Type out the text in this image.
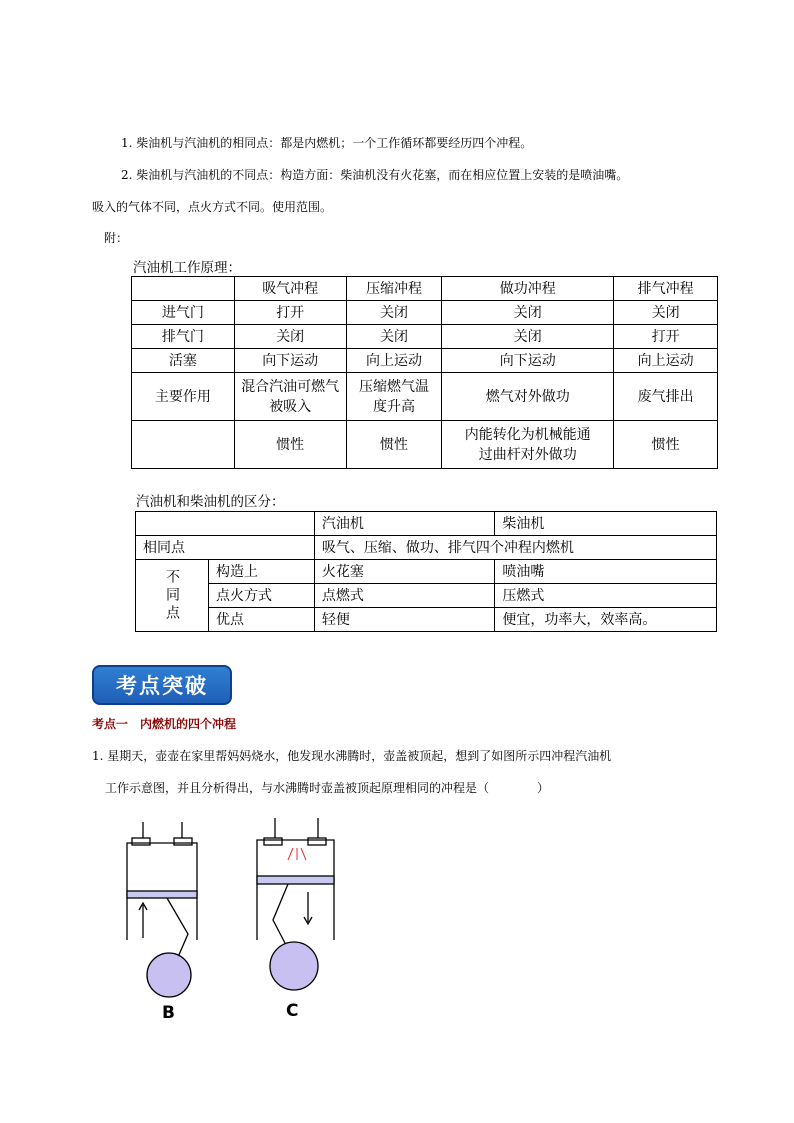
1. 柴油机与汽油机的相同点：都是内燃机；一个工作循环都要经历四个冲程。
2. 柴油机与汽油机的不同点：构造方面：柴油机没有火花塞，而在相应位置上安装的是喷油嘴。
吸入的气体不同，点火方式不同。使用范围。
附：
汽油机工作原理：
	吸气冲程	压缩冲程	做功冲程	排气冲程
进气门	打开	关闭	关闭	关闭
排气门	关闭	关闭	关闭	打开
活塞	向下运动	向上运动	向下运动	向上运动
主要作用	混合汽油可燃气被吸入	压缩燃气温度升高	燃气对外做功	废气排出
	惯性	惯性	内能转化为机械能通过曲杆对外做功	惯性
汽油机和柴油机的区分：
		汽油机	柴油机
相同点		吸气、压缩、做功、排气四个冲程内燃机	
不同点	构造上	火花塞	喷油嘴
	点火方式	点燃式	压燃式
	优点	轻便	便宜，功率大，效率高。
考点突破
考点一　内燃机的四个冲程
1. 星期天，壶壶在家里帮妈妈烧水，他发现水沸腾时，壶盖被顶起，想到了如图所示四冲程汽油机
工作示意图，并且分析得出，与水沸腾时壶盖被顶起原理相同的冲程是（　　　　）
B	C
